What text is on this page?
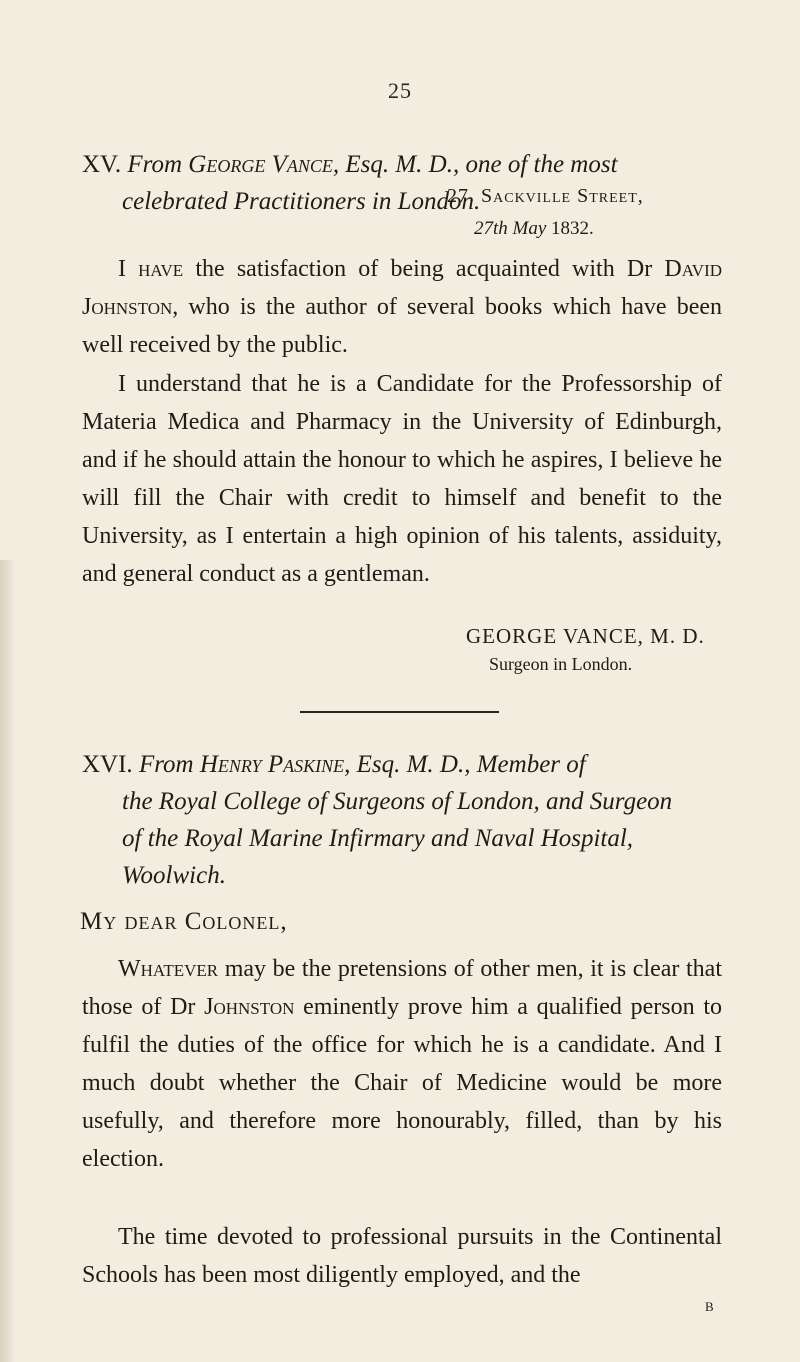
25
XV. From George Vance, Esq. M. D., one of the most
celebrated Practitioners in London.
27. Sackville Street,
27th May 1832.

I have the satisfaction of being acquainted with Dr David Johnston, who is the author of several books which have been well received by the public.

I understand that he is a Candidate for the Professorship of Materia Medica and Pharmacy in the University of Edinburgh, and if he should attain the honour to which he aspires, I believe he will fill the Chair with credit to himself and benefit to the University, as I entertain a high opinion of his talents, assiduity, and general conduct as a gentleman.

GEORGE VANCE, M. D.
Surgeon in London.
XVI. From Henry Paskine, Esq. M. D., Member of
the Royal College of Surgeons of London, and Surgeon
of the Royal Marine Infirmary and Naval Hospital,
Woolwich.
My dear Colonel,

Whatever may be the pretensions of other men, it is clear that those of Dr Johnston eminently prove him a qualified person to fulfil the duties of the office for which he is a candidate. And I much doubt whether the Chair of Medicine would be more usefully, and therefore more honourably, filled, than by his election.

The time devoted to professional pursuits in the Continental Schools has been most diligently employed, and the

B
